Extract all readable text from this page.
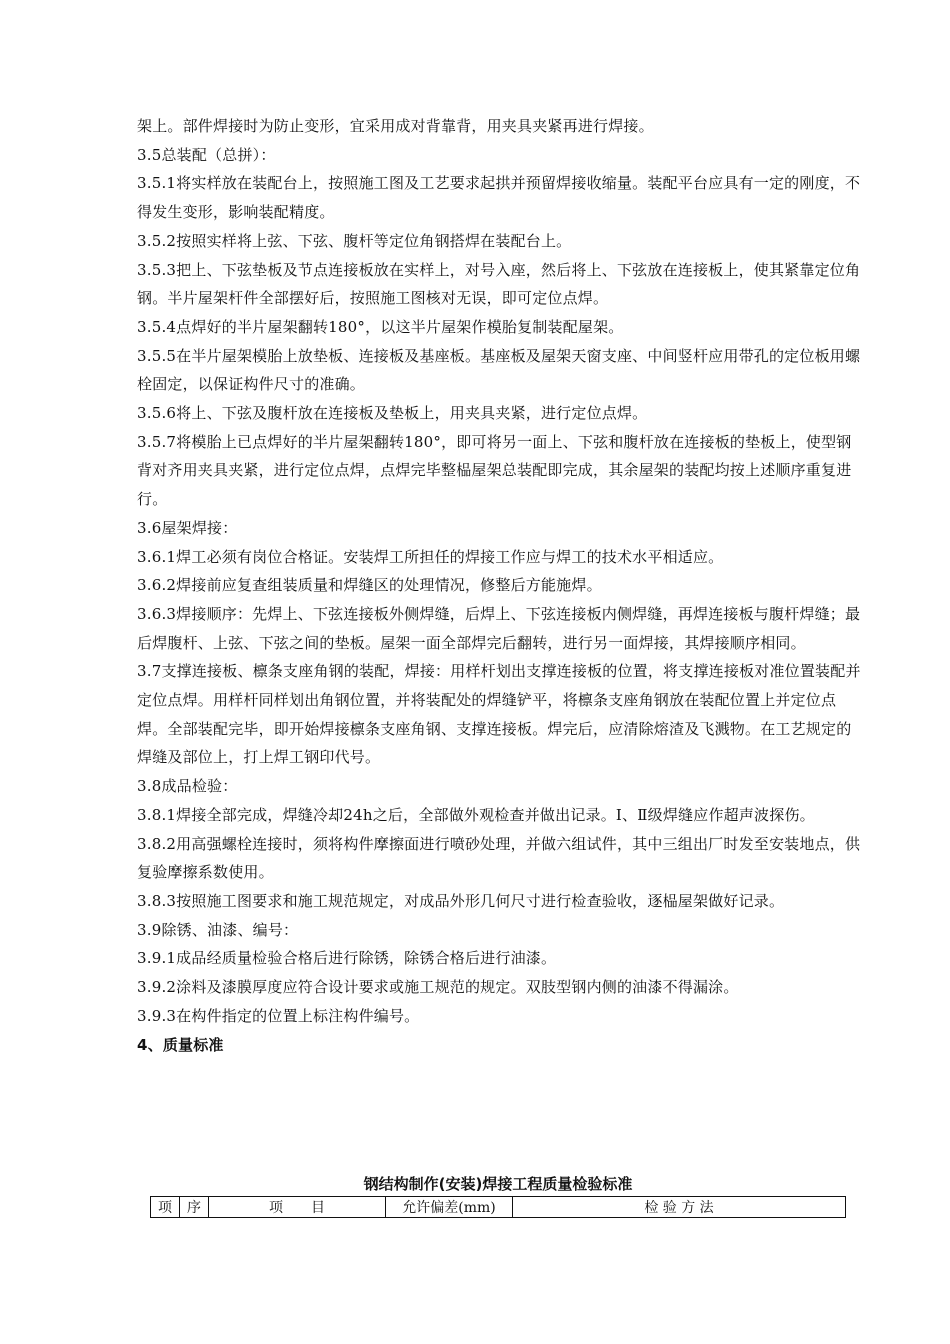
架上。部件焊接时为防止变形，宜采用成对背靠背，用夹具夹紧再进行焊接。

3.5总装配（总拼）：

3.5.1将实样放在装配台上，按照施工图及工艺要求起拱并预留焊接收缩量。装配平台应具有一定的刚度，不得发生变形，影响装配精度。

3.5.2按照实样将上弦、下弦、腹杆等定位角钢搭焊在装配台上。

3.5.3把上、下弦垫板及节点连接板放在实样上，对号入座，然后将上、下弦放在连接板上，使其紧靠定位角钢。半片屋架杆件全部摆好后，按照施工图核对无误，即可定位点焊。

3.5.4点焊好的半片屋架翻转180°，以这半片屋架作模胎复制装配屋架。

3.5.5在半片屋架模胎上放垫板、连接板及基座板。基座板及屋架天窗支座、中间竖杆应用带孔的定位板用螺栓固定，以保证构件尺寸的准确。

3.5.6将上、下弦及腹杆放在连接板及垫板上，用夹具夹紧，进行定位点焊。

3.5.7将模胎上已点焊好的半片屋架翻转180°，即可将另一面上、下弦和腹杆放在连接板的垫板上，使型钢背对齐用夹具夹紧，进行定位点焊，点焊完毕整榀屋架总装配即完成，其余屋架的装配均按上述顺序重复进行。

3.6屋架焊接：

3.6.1焊工必须有岗位合格证。安装焊工所担任的焊接工作应与焊工的技术水平相适应。

3.6.2焊接前应复查组装质量和焊缝区的处理情况，修整后方能施焊。

3.6.3焊接顺序：先焊上、下弦连接板外侧焊缝，后焊上、下弦连接板内侧焊缝，再焊连接板与腹杆焊缝；最后焊腹杆、上弦、下弦之间的垫板。屋架一面全部焊完后翻转，进行另一面焊接，其焊接顺序相同。

3.7支撑连接板、檩条支座角钢的装配，焊接：用样杆划出支撑连接板的位置，将支撑连接板对准位置装配并定位点焊。用样杆同样划出角钢位置，并将装配处的焊缝铲平，将檩条支座角钢放在装配位置上并定位点焊。全部装配完毕，即开始焊接檩条支座角钢、支撑连接板。焊完后，应清除熔渣及飞溅物。在工艺规定的焊缝及部位上，打上焊工钢印代号。

3.8成品检验：

3.8.1焊接全部完成，焊缝冷却24h之后，全部做外观检查并做出记录。Ⅰ、Ⅱ级焊缝应作超声波探伤。

3.8.2用高强螺栓连接时，须将构件摩擦面进行喷砂处理，并做六组试件，其中三组出厂时发至安装地点，供复验摩擦系数使用。

3.8.3按照施工图要求和施工规范规定，对成品外形几何尺寸进行检查验收，逐榀屋架做好记录。

3.9除锈、油漆、编号：

3.9.1成品经质量检验合格后进行除锈，除锈合格后进行油漆。

3.9.2涂料及漆膜厚度应符合设计要求或施工规范的规定。双肢型钢内侧的油漆不得漏涂。

3.9.3在构件指定的位置上标注构件编号。

4、质量标准

钢结构制作(安装)焊接工程质量检验标准
项	序	项　　目	允许偏差(mm)	检 验 方 法
